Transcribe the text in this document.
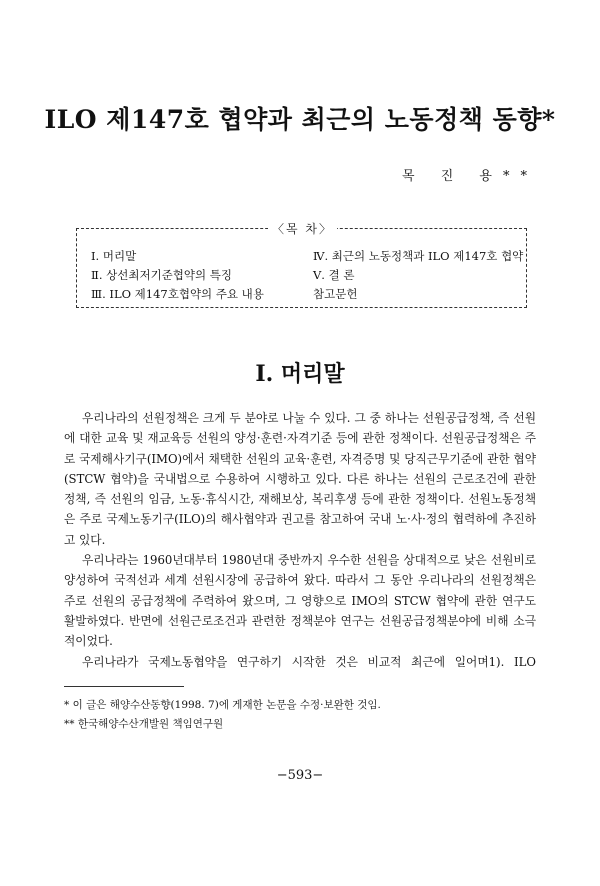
ILO 제147호 협약과 최근의 노동정책 동향*
목 진 용**
〈목 차〉
Ⅰ. 머리말
Ⅱ. 상선최저기준협약의 특징
Ⅲ. ILO 제147호협약의 주요 내용
Ⅳ. 최근의 노동정책과 ILO 제147호 협약
Ⅴ. 결 론
참고문헌
Ⅰ. 머리말

우리나라의 선원정책은 크게 두 분야로 나눌 수 있다. 그 중 하나는 선원공급정책, 즉 선원에 대한 교육 및 재교육등 선원의 양성·훈련·자격기준 등에 관한 정책이다. 선원공급정책은 주로 국제해사기구(IMO)에서 채택한 선원의 교육·훈련, 자격증명 및 당직근무기준에 관한 협약(STCW 협약)을 국내법으로 수용하여 시행하고 있다. 다른 하나는 선원의 근로조건에 관한 정책, 즉 선원의 임금, 노동·휴식시간, 재해보상, 복리후생 등에 관한 정책이다. 선원노동정책은 주로 국제노동기구(ILO)의 해사협약과 권고를 참고하여 국내 노·사·정의 협력하에 추진하고 있다.

우리나라는 1960년대부터 1980년대 중반까지 우수한 선원을 상대적으로 낮은 선원비로 양성하여 국적선과 세계 선원시장에 공급하여 왔다. 따라서 그 동안 우리나라의 선원정책은 주로 선원의 공급정책에 주력하여 왔으며, 그 영향으로 IMO의 STCW 협약에 관한 연구도 활발하였다. 반면에 선원근로조건과 관련한 정책분야 연구는 선원공급정책분야에 비해 소극적이었다.

우리나라가 국제노동협약을 연구하기 시작한 것은 비교적 최근에 일어며1). ILO

* 이 글은 해양수산동향(1998. 7)에 게재한 논문을 수정·보완한 것임.
** 한국해양수산개발원 책임연구원
−593−
